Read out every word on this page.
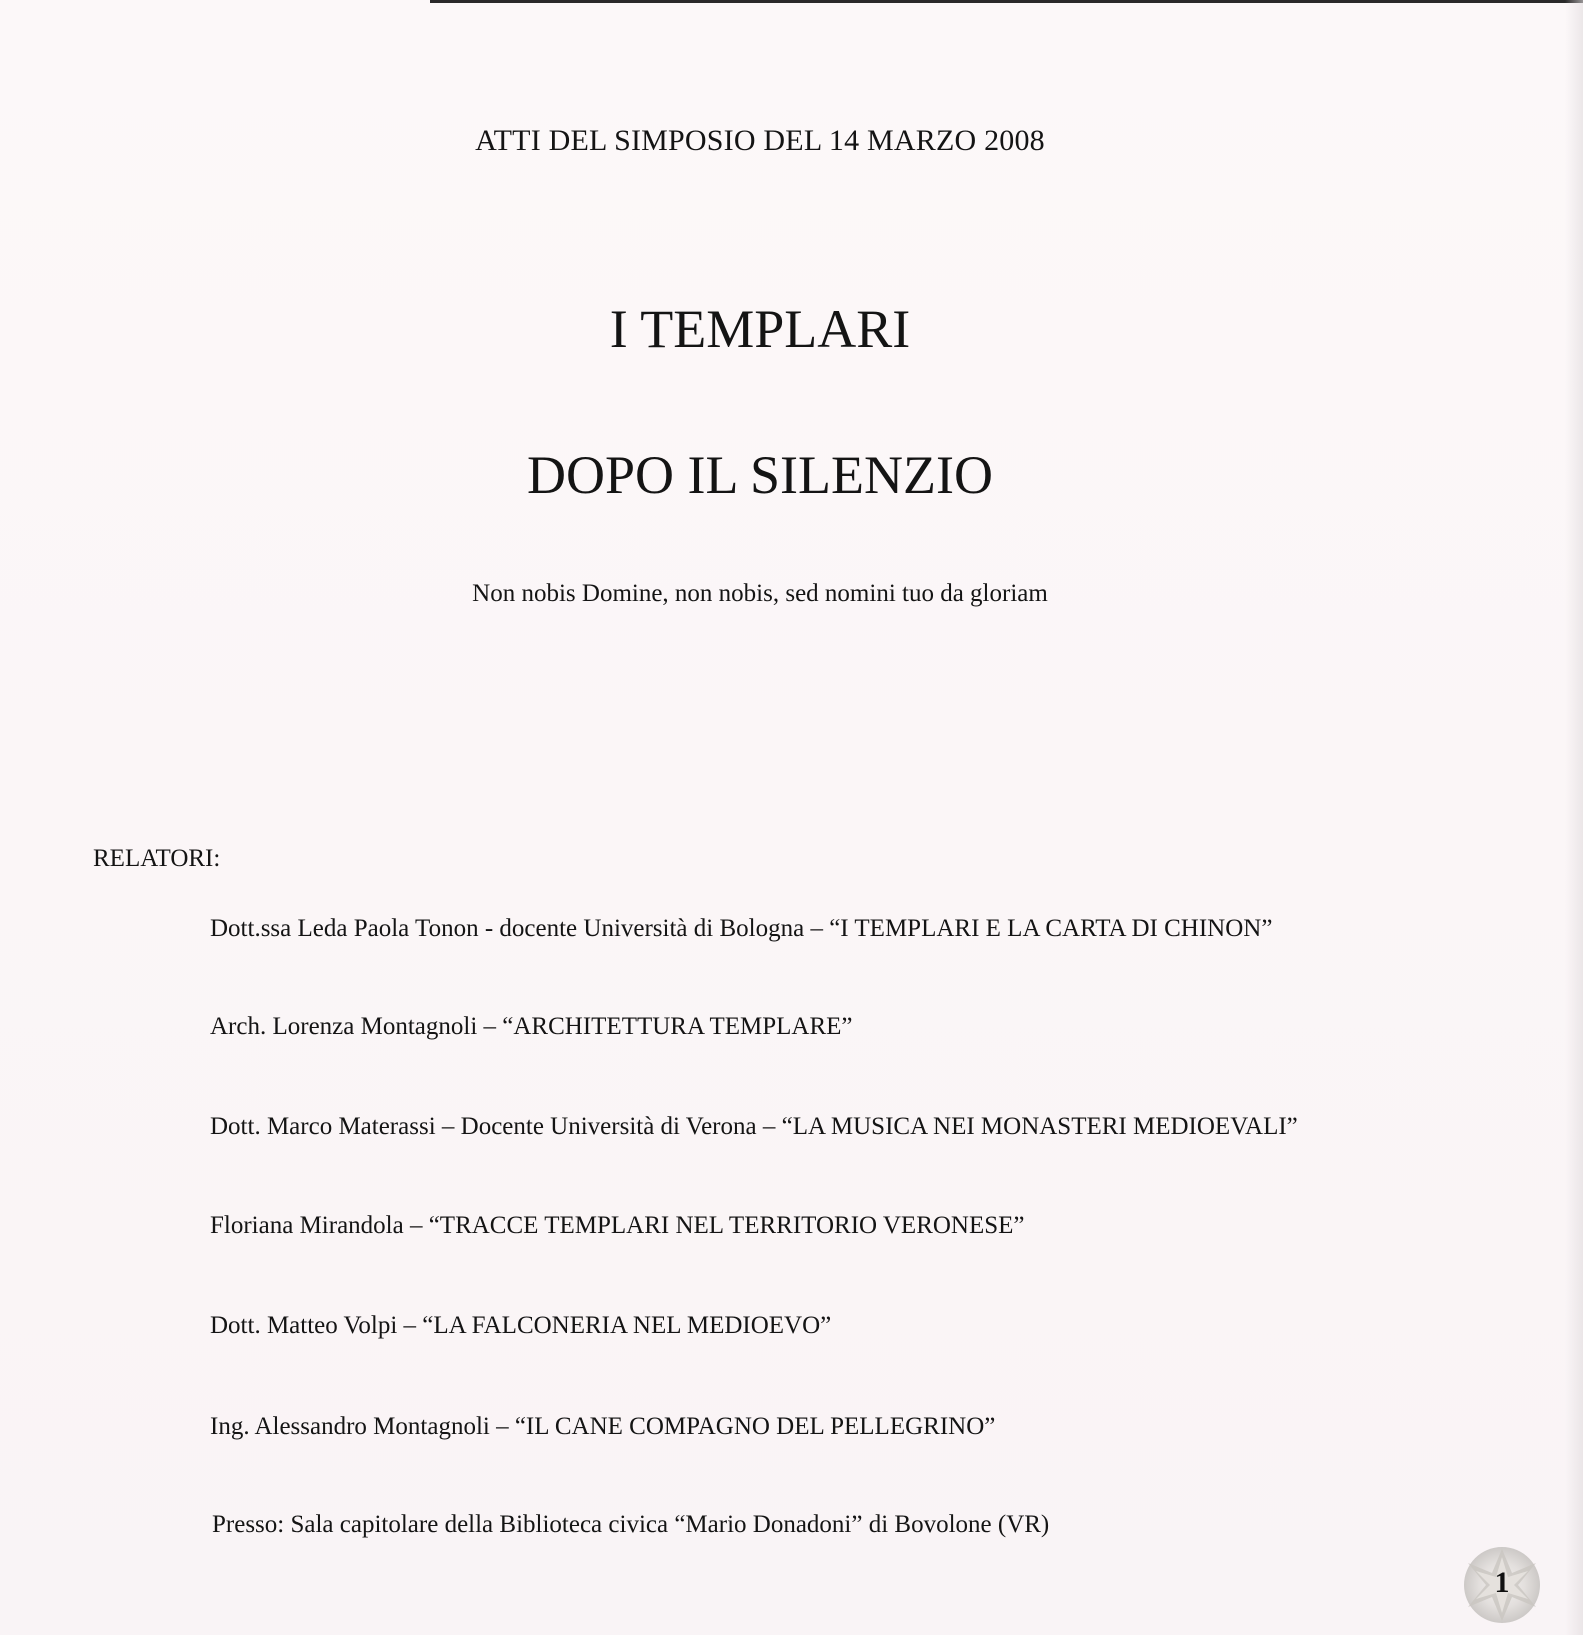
ATTI DEL SIMPOSIO DEL 14 MARZO 2008
I TEMPLARI
DOPO IL SILENZIO
Non nobis Domine, non nobis, sed nomini tuo da gloriam
RELATORI:
Dott.ssa Leda Paola Tonon - docente Università di Bologna – “I TEMPLARI E LA CARTA DI CHINON”
Arch. Lorenza Montagnoli – “ARCHITETTURA TEMPLARE”
Dott. Marco Materassi – Docente Università di Verona – “LA MUSICA NEI MONASTERI MEDIOEVALI”
Floriana Mirandola – “TRACCE TEMPLARI NEL TERRITORIO VERONESE”
Dott. Matteo Volpi – “LA FALCONERIA NEL MEDIOEVO”
Ing. Alessandro Montagnoli – “IL CANE COMPAGNO DEL PELLEGRINO”
Presso: Sala capitolare della Biblioteca civica “Mario Donadoni” di Bovolone (VR)
1
